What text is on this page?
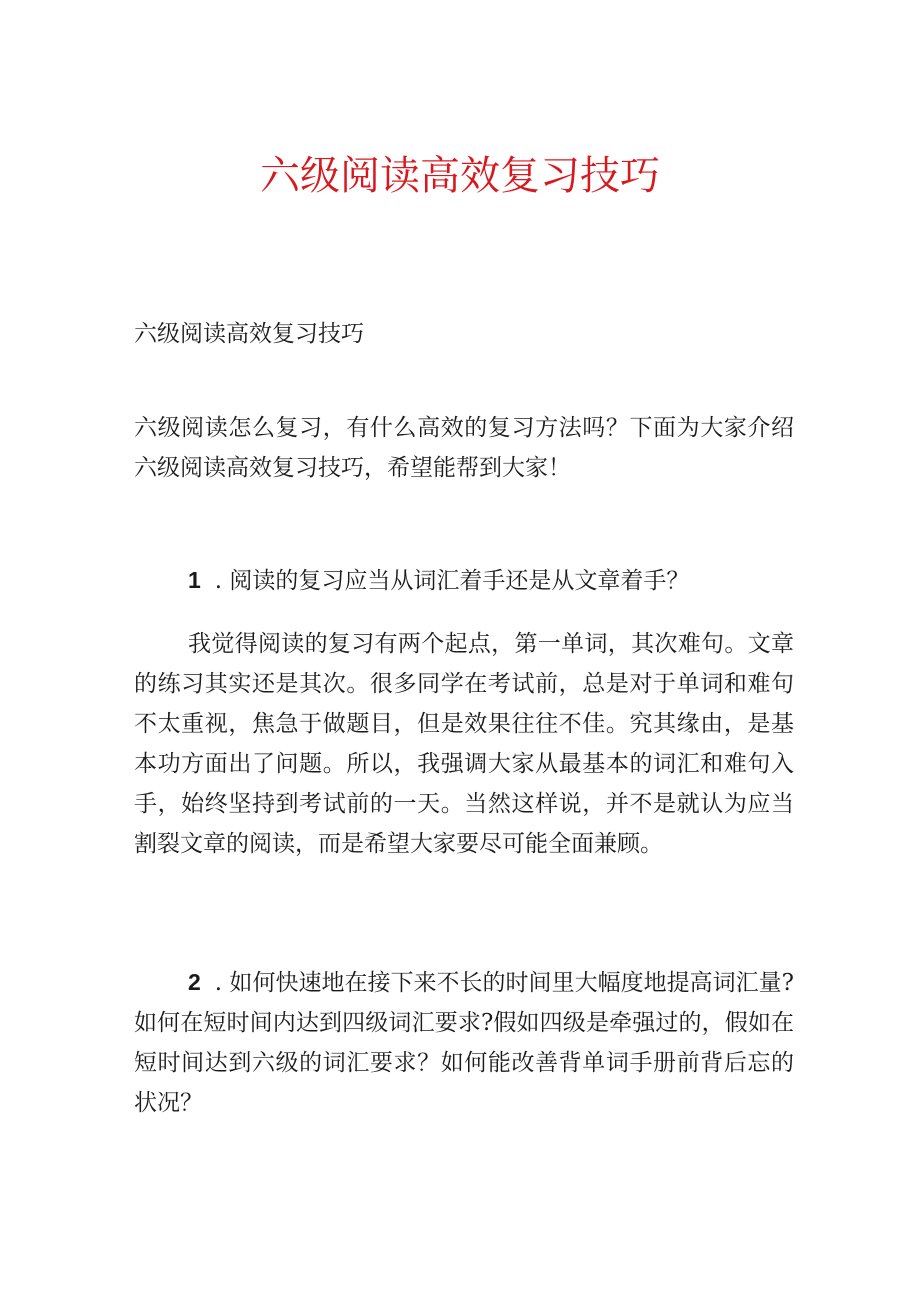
六级阅读高效复习技巧
六级阅读高效复习技巧
六级阅读怎么复习，有什么高效的复习方法吗？下面为大家介绍六级阅读高效复习技巧，希望能帮到大家！
1 . 阅读的复习应当从词汇着手还是从文章着手？
我觉得阅读的复习有两个起点，第一单词，其次难句。文章的练习其实还是其次。很多同学在考试前，总是对于单词和难句不太重视，焦急于做题目，但是效果往往不佳。究其缘由，是基本功方面出了问题。所以，我强调大家从最基本的词汇和难句入手，始终坚持到考试前的一天。当然这样说，并不是就认为应当割裂文章的阅读，而是希望大家要尽可能全面兼顾。
2 . 如何快速地在接下来不长的时间里大幅度地提高词汇量?如何在短时间内达到四级词汇要求?假如四级是牵强过的，假如在短时间达到六级的词汇要求？如何能改善背单词手册前背后忘的状况？
